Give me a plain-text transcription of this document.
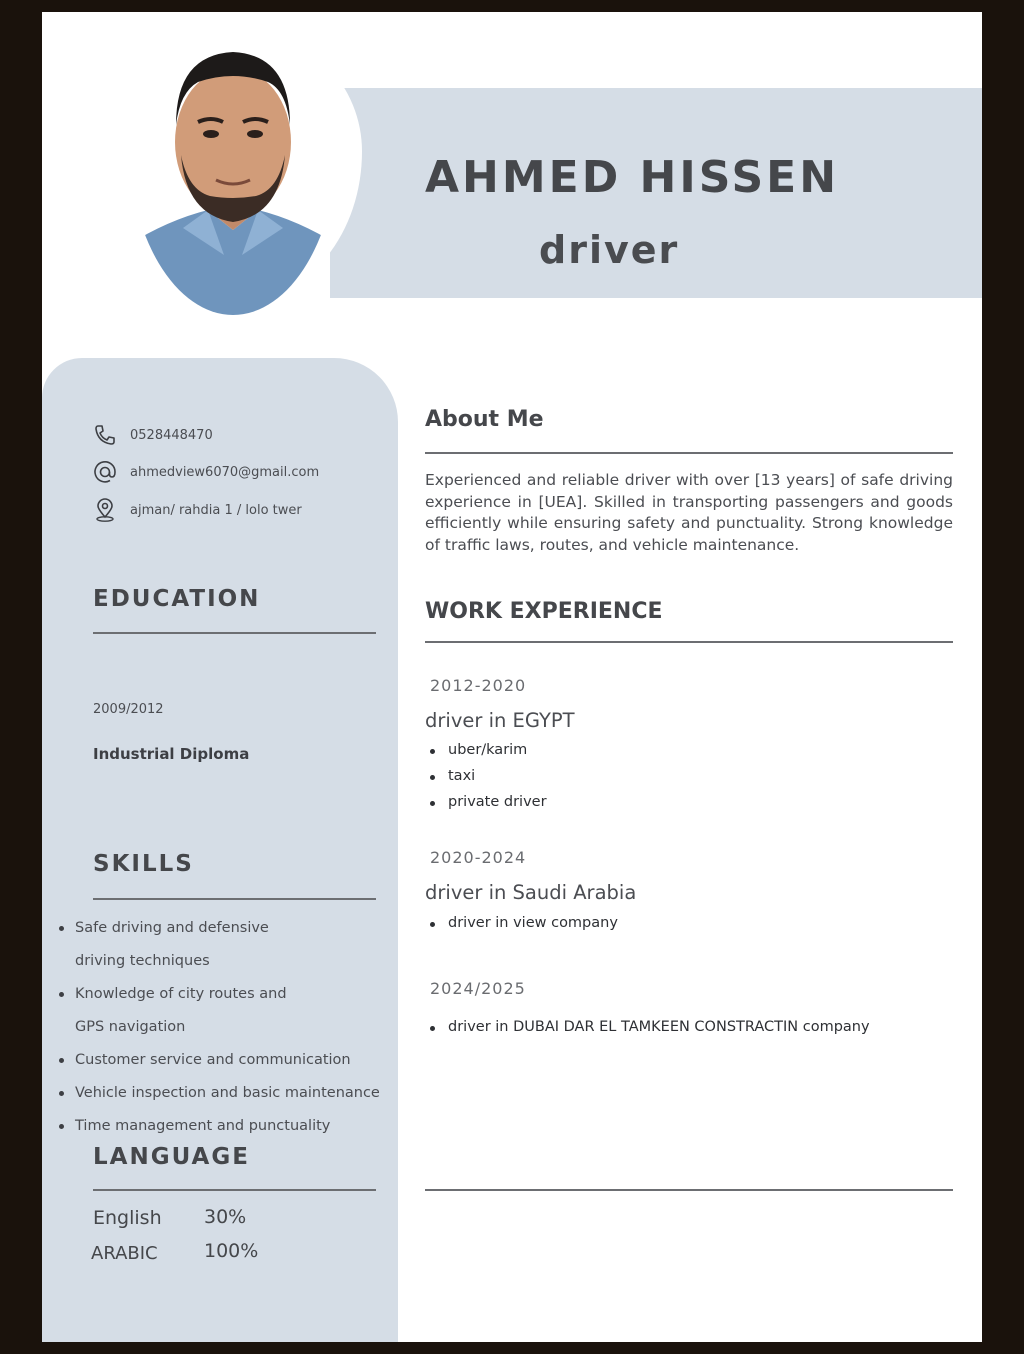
AHMED HISSEN
driver
0528448470
ahmedview6070@gmail.com
ajman/ rahdia 1 / lolo twer
EDUCATION
2009/2012
Industrial Diploma
SKILLS
Safe driving and defensive driving techniques
Knowledge of city routes and GPS navigation
Customer service and communication
Vehicle inspection and basic maintenance
Time management and punctuality
LANGUAGE
English 30%
ARABIC 100%
About Me

Experienced and reliable driver with over [13 years] of safe driving experience in [UEA]. Skilled in transporting passengers and goods efficiently while ensuring safety and punctuality. Strong knowledge of traffic laws, routes, and vehicle maintenance.

WORK EXPERIENCE
2012-2020
driver in EGYPT
uber/karim
taxi
private driver
2020-2024
driver in Saudi Arabia
driver in view company
2024/2025
driver in DUBAI DAR EL TAMKEEN CONSTRACTIN company
